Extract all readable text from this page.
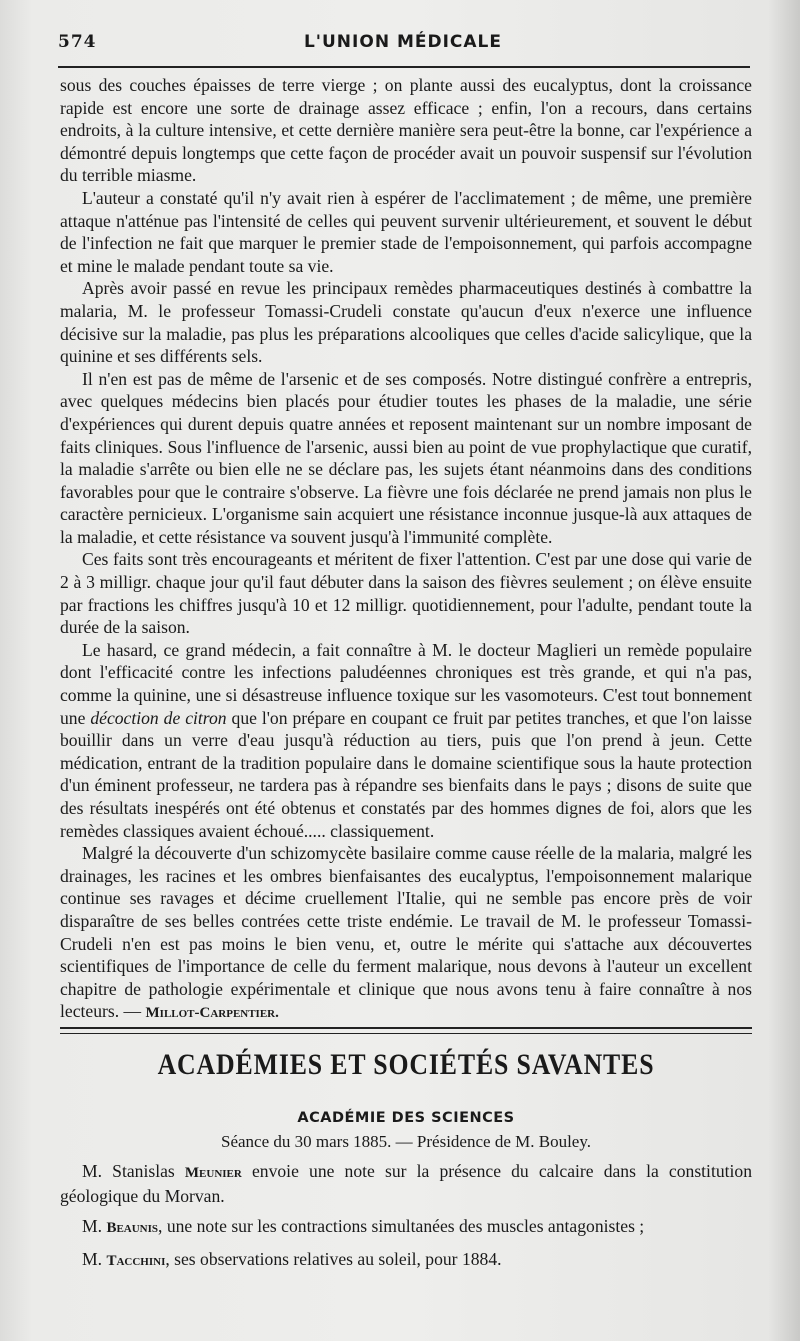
574	L'UNION MÉDICALE

sous des couches épaisses de terre vierge ; on plante aussi des eucalyptus, dont la croissance rapide est encore une sorte de drainage assez efficace ; enfin, l'on a recours, dans certains endroits, à la culture intensive, et cette dernière manière sera peut-être la bonne, car l'expérience a démontré depuis longtemps que cette façon de procéder avait un pouvoir suspensif sur l'évolution du terrible miasme.

L'auteur a constaté qu'il n'y avait rien à espérer de l'acclimatement ; de même, une première attaque n'atténue pas l'intensité de celles qui peuvent survenir ultérieurement, et souvent le début de l'infection ne fait que marquer le premier stade de l'empoisonnement, qui parfois accompagne et mine le malade pendant toute sa vie.

Après avoir passé en revue les principaux remèdes pharmaceutiques destinés à combattre la malaria, M. le professeur Tomassi-Crudeli constate qu'aucun d'eux n'exerce une influence décisive sur la maladie, pas plus les préparations alcooliques que celles d'acide salicylique, que la quinine et ses différents sels.

Il n'en est pas de même de l'arsenic et de ses composés. Notre distingué confrère a entrepris, avec quelques médecins bien placés pour étudier toutes les phases de la maladie, une série d'expériences qui durent depuis quatre années et reposent maintenant sur un nombre imposant de faits cliniques. Sous l'influence de l'arsenic, aussi bien au point de vue prophylactique que curatif, la maladie s'arrête ou bien elle ne se déclare pas, les sujets étant néanmoins dans des conditions favorables pour que le contraire s'observe. La fièvre une fois déclarée ne prend jamais non plus le caractère pernicieux. L'organisme sain acquiert une résistance inconnue jusque-là aux attaques de la maladie, et cette résistance va souvent jusqu'à l'immunité complète.

Ces faits sont très encourageants et méritent de fixer l'attention. C'est par une dose qui varie de 2 à 3 milligr. chaque jour qu'il faut débuter dans la saison des fièvres seulement ; on élève ensuite par fractions les chiffres jusqu'à 10 et 12 milligr. quotidiennement, pour l'adulte, pendant toute la durée de la saison.

Le hasard, ce grand médecin, a fait connaître à M. le docteur Maglieri un remède populaire dont l'efficacité contre les infections paludéennes chroniques est très grande, et qui n'a pas, comme la quinine, une si désastreuse influence toxique sur les vasomoteurs. C'est tout bonnement une décoction de citron que l'on prépare en coupant ce fruit par petites tranches, et que l'on laisse bouillir dans un verre d'eau jusqu'à réduction au tiers, puis que l'on prend à jeun. Cette médication, entrant de la tradition populaire dans le domaine scientifique sous la haute protection d'un éminent professeur, ne tardera pas à répandre ses bienfaits dans le pays ; disons de suite que des résultats inespérés ont été obtenus et constatés par des hommes dignes de foi, alors que les remèdes classiques avaient échoué..... classiquement.

Malgré la découverte d'un schizomycète basilaire comme cause réelle de la malaria, malgré les drainages, les racines et les ombres bienfaisantes des eucalyptus, l'empoisonnement malarique continue ses ravages et décime cruellement l'Italie, qui ne semble pas encore près de voir disparaître de ses belles contrées cette triste endémie. Le travail de M. le professeur Tomassi-Crudeli n'en est pas moins le bien venu, et, outre le mérite qui s'attache aux découvertes scientifiques de l'importance de celle du ferment malarique, nous devons à l'auteur un excellent chapitre de pathologie expérimentale et clinique que nous avons tenu à faire connaître à nos lecteurs. — Millot-Carpentier.

ACADÉMIES ET SOCIÉTÉS SAVANTES
ACADÉMIE DES SCIENCES
Séance du 30 mars 1885. — Présidence de M. Bouley.

M. Stanislas Meunier envoie une note sur la présence du calcaire dans la constitution géologique du Morvan.

M. Beaunis, une note sur les contractions simultanées des muscles antagonistes ;

M. Tacchini, ses observations relatives au soleil, pour 1884.
